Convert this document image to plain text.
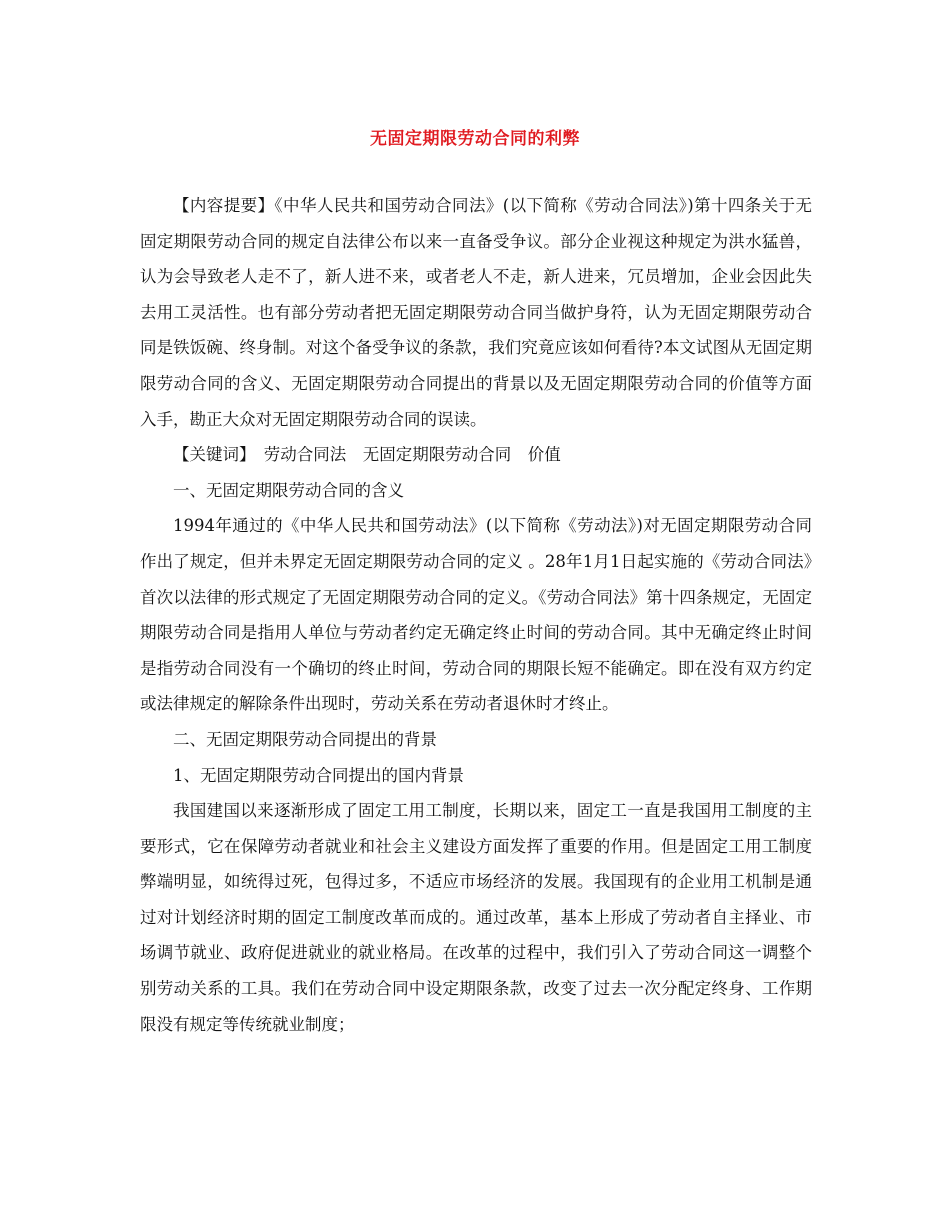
无固定期限劳动合同的利弊

【内容提要】《中华人民共和国劳动合同法》(以下简称《劳动合同法》)第十四条关于无固定期限劳动合同的规定自法律公布以来一直备受争议。部分企业视这种规定为洪水猛兽，认为会导致老人走不了，新人进不来，或者老人不走，新人进来，冗员增加，企业会因此失去用工灵活性。也有部分劳动者把无固定期限劳动合同当做护身符，认为无固定期限劳动合同是铁饭碗、终身制。对这个备受争议的条款，我们究竟应该如何看待?本文试图从无固定期限劳动合同的含义、无固定期限劳动合同提出的背景以及无固定期限劳动合同的价值等方面入手，勘正大众对无固定期限劳动合同的误读。

【关键词】　劳动合同法　无固定期限劳动合同　价值

一、无固定期限劳动合同的含义

1994年通过的《中华人民共和国劳动法》(以下简称《劳动法》)对无固定期限劳动合同作出了规定，但并未界定无固定期限劳动合同的定义 。28年1月1日起实施的《劳动合同法》首次以法律的形式规定了无固定期限劳动合同的定义。《劳动合同法》第十四条规定，无固定期限劳动合同是指用人单位与劳动者约定无确定终止时间的劳动合同。其中无确定终止时间是指劳动合同没有一个确切的终止时间，劳动合同的期限长短不能确定。即在没有双方约定或法律规定的解除条件出现时，劳动关系在劳动者退休时才终止。

二、无固定期限劳动合同提出的背景

1、无固定期限劳动合同提出的国内背景

我国建国以来逐渐形成了固定工用工制度，长期以来，固定工一直是我国用工制度的主要形式，它在保障劳动者就业和社会主义建设方面发挥了重要的作用。但是固定工用工制度弊端明显，如统得过死，包得过多，不适应市场经济的发展。我国现有的企业用工机制是通过对计划经济时期的固定工制度改革而成的。通过改革，基本上形成了劳动者自主择业、市场调节就业、政府促进就业的就业格局。在改革的过程中，我们引入了劳动合同这一调整个别劳动关系的工具。我们在劳动合同中设定期限条款，改变了过去一次分配定终身、工作期限没有规定等传统就业制度；
